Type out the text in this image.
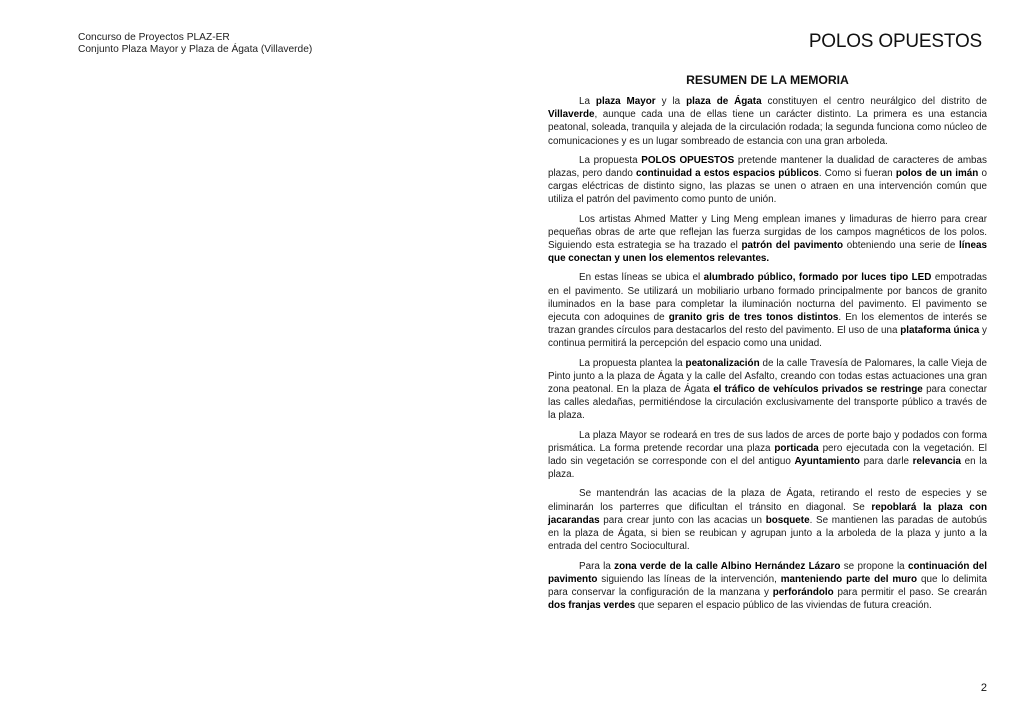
Concurso de Proyectos PLAZ-ER
Conjunto Plaza Mayor y Plaza de Ágata (Villaverde)	POLOS OPUESTOS
RESUMEN DE LA MEMORIA

La plaza Mayor y la plaza de Ágata constituyen el centro neurálgico del distrito de Villaverde, aunque cada una de ellas tiene un carácter distinto. La primera es una estancia peatonal, soleada, tranquila y alejada de la circulación rodada; la segunda funciona como núcleo de comunicaciones y es un lugar sombreado de estancia con una gran arboleda.

La propuesta POLOS OPUESTOS pretende mantener la dualidad de caracteres de ambas plazas, pero dando continuidad a estos espacios públicos. Como si fueran polos de un imán o cargas eléctricas de distinto signo, las plazas se unen o atraen en una intervención común que utiliza el patrón del pavimento como punto de unión.

Los artistas Ahmed Matter y Ling Meng emplean imanes y limaduras de hierro para crear pequeñas obras de arte que reflejan las fuerza surgidas de los campos magnéticos de los polos. Siguiendo esta estrategia se ha trazado el patrón del pavimento obteniendo una serie de líneas que conectan y unen los elementos relevantes.

En estas líneas se ubica el alumbrado público, formado por luces tipo LED empotradas en el pavimento. Se utilizará un mobiliario urbano formado principalmente por bancos de granito iluminados en la base para completar la iluminación nocturna del pavimento. El pavimento se ejecuta con adoquines de granito gris de tres tonos distintos. En los elementos de interés se trazan grandes círculos para destacarlos del resto del pavimento. El uso de una plataforma única y continua permitirá la percepción del espacio como una unidad.

La propuesta plantea la peatonalización de la calle Travesía de Palomares, la calle Vieja de Pinto junto a la plaza de Ágata y la calle del Asfalto, creando con todas estas actuaciones una gran zona peatonal. En la plaza de Ágata el tráfico de vehículos privados se restringe para conectar las calles aledañas, permitiéndose la circulación exclusivamente del transporte público a través de la plaza.

La plaza Mayor se rodeará en tres de sus lados de arces de porte bajo y podados con forma prismática. La forma pretende recordar una plaza porticada pero ejecutada con la vegetación. El lado sin vegetación se corresponde con el del antiguo Ayuntamiento para darle relevancia en la plaza.

Se mantendrán las acacias de la plaza de Ágata, retirando el resto de especies y se eliminarán los parterres que dificultan el tránsito en diagonal. Se repoblará la plaza con jacarandas para crear junto con las acacias un bosquete. Se mantienen las paradas de autobús en la plaza de Ágata, si bien se reubican y agrupan junto a la arboleda de la plaza y junto a la entrada del centro Sociocultural.

Para la zona verde de la calle Albino Hernández Lázaro se propone la continuación del pavimento siguiendo las líneas de la intervención, manteniendo parte del muro que lo delimita para conservar la configuración de la manzana y perforándolo para permitir el paso. Se crearán dos franjas verdes que separen el espacio público de las viviendas de futura creación.

2
